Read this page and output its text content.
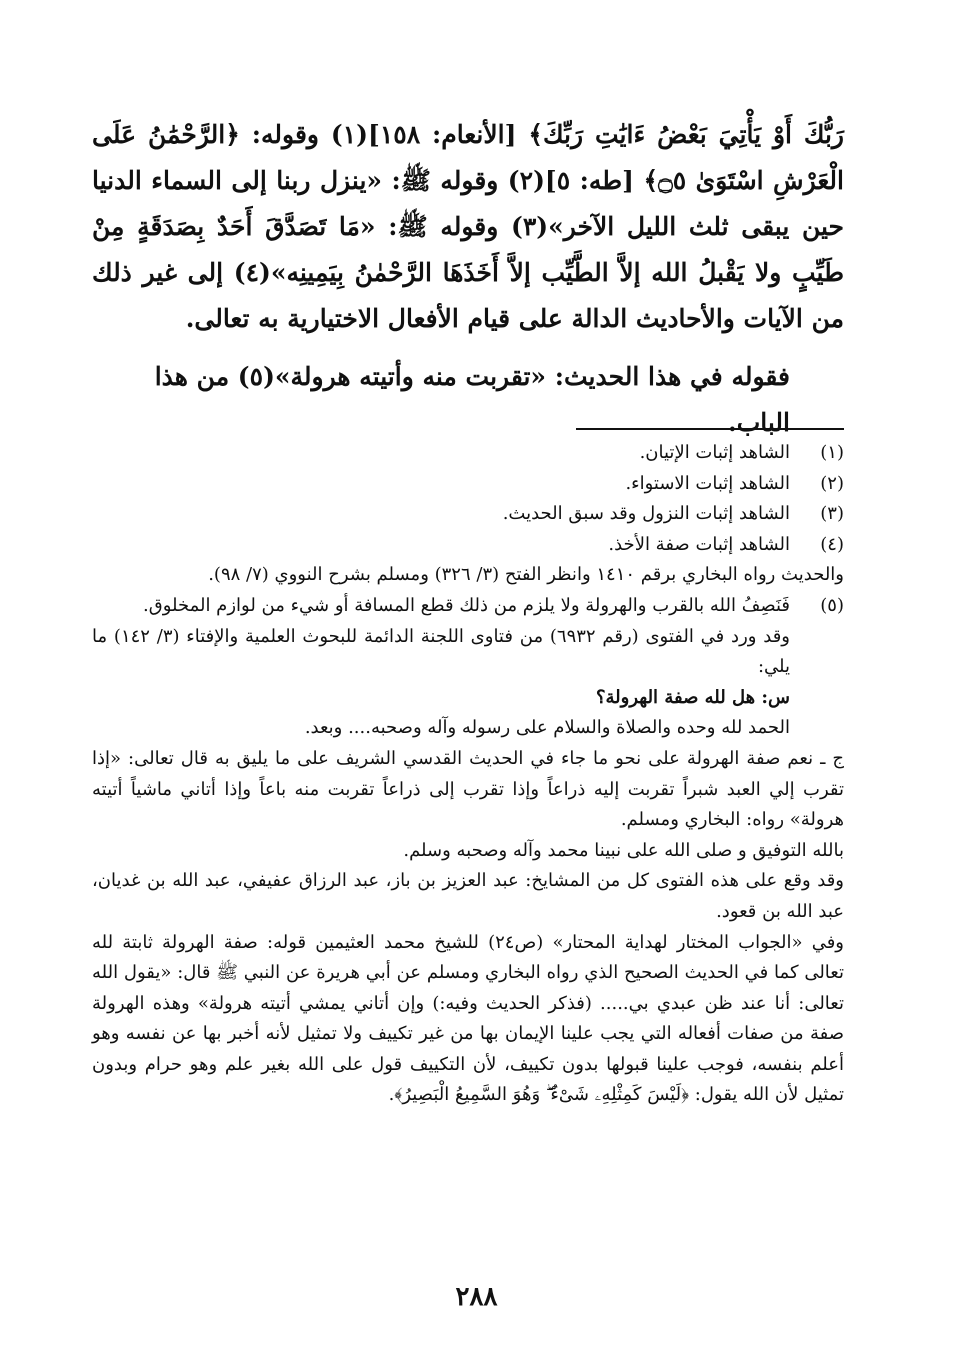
رَبُّكَ أَوْ يَأْتِيَ بَعْضُ ءَايَٰتِ رَبِّكَ﴾ [الأنعام: ١٥٨](١) وقوله: ﴿الرَّحْمَٰنُ عَلَى الْعَرْشِ اسْتَوَىٰ ۝٥﴾ [طه: ٥](٢) وقوله ﷺ: «ينزل ربنا إلى السماء الدنيا حين يبقى ثلث الليل الآخر»(٣) وقوله ﷺ: «مَا تَصَدَّقَ أَحَدٌ بِصَدَقَةٍ مِنْ طَيِّبٍ ولا يَقْبلُ الله إلاَّ الطَّيِّب إلاَّ أَخَذَهَا الرَّحْمٰنُ بِيَمِينِه»(٤) إلى غير ذلك من الآيات والأحاديث الدالة على قيام الأفعال الاختيارية به تعالى.

فقوله في هذا الحديث: «تقربت منه وأتيته هرولة»(٥) من هذا الباب.

(١)
الشاهد إثبات الإتيان.
(٢)
الشاهد إثبات الاستواء.
(٣)
الشاهد إثبات النزول وقد سبق الحديث.
(٤)
الشاهد إثبات صفة الأخذ.

والحديث رواه البخاري برقم ١٤١٠ وانظر الفتح (٣/ ٣٢٦) ومسلم بشرح النووي (٧/ ٩٨).

(٥)
فَنَصِفُ الله بالقرب والهرولة ولا يلزم من ذلك قطع المسافة أو شيء من لوازم المخلوق.

وقد ورد في الفتوى (رقم ٦٩٣٢) من فتاوى اللجنة الدائمة للبحوث العلمية والإفتاء (٣/ ١٤٢) ما يلي:

س: هل لله صفة الهرولة؟

الحمد لله وحده والصلاة والسلام على رسوله وآله وصحبه.... وبعد.

ج ـ نعم صفة الهرولة على نحو ما جاء في الحديث القدسي الشريف على ما يليق به قال تعالى: «إذا تقرب إلي العبد شبراً تقربت إليه ذراعاً وإذا تقرب إلى ذراعاً تقربت منه باعاً وإذا أتاني ماشياً أتيته هرولة» رواه: البخاري ومسلم.

بالله التوفيق و صلى الله على نبينا محمد وآله وصحبه وسلم.

وقد وقع على هذه الفتوى كل من المشايخ: عبد العزيز بن باز، عبد الرزاق عفيفي، عبد الله بن غديان، عبد الله بن قعود.

وفي «الجواب المختار لهداية المحتار» (ص٢٤) للشيخ محمد العثيمين قوله: صفة الهرولة ثابتة لله تعالى كما في الحديث الصحيح الذي رواه البخاري ومسلم عن أبي هريرة عن النبي ﷺ قال: «يقول الله تعالى: أنا عند ظن عبدي بي..... (فذكر الحديث وفيه:) وإن أتاني يمشي أتيته هرولة» وهذه الهرولة صفة من صفات أفعاله التي يجب علينا الإيمان بها من غير تكييف ولا تمثيل لأنه أخبر بها عن نفسه وهو أعلم بنفسه، فوجب علينا قبولها بدون تكييف، لأن التكييف قول على الله بغير علم وهو حرام وبدون تمثيل لأن الله يقول: ﴿لَيْسَ كَمِثْلِهِۦ شَىْءٌ ۖ وَهُوَ السَّمِيعُ الْبَصِيرُ﴾.

٢٨٨
